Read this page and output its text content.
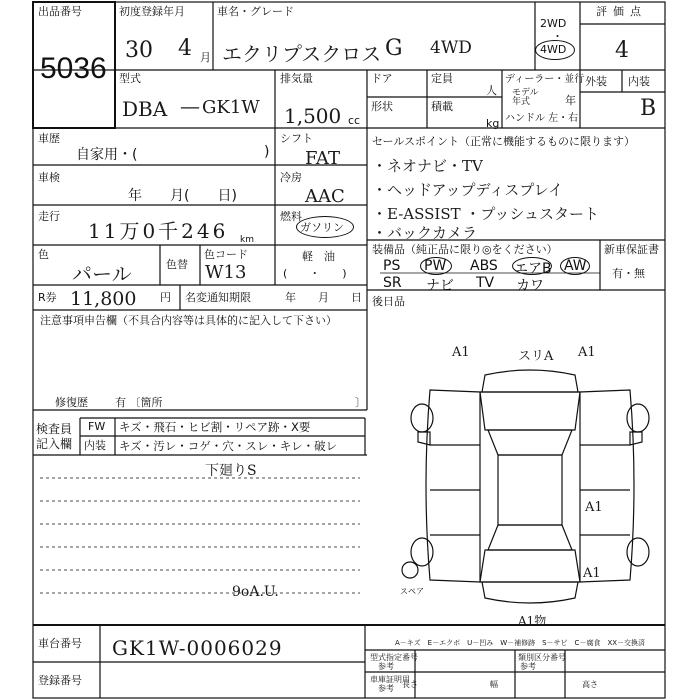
出品番号
5036
初度登録年月
30 4 月
車名・グレード
エクリプスクロス G 4WD
2WD
・
4WD
評価点
4
外装 内装
B
型式
DBA — GK1W
排気量
1,500 cc
ドア	定員
人
形状	積載
kg
ディーラー・並行
モデル
年式	年
ハンドル 左・右
車歴
自家用・(	)
車検
年　　月(　　日)
走行
11万0千246 km
色
パール	色替
色コード
W13
R券 11,800 円 名変通知期限	年　　月　　日
注意事項申告欄（不具合内容等は具体的に記入して下さい）
修復歴 有 〔箇所	〕
シフト
FAT
冷房
AAC
燃料
ガソリン
軽　油
(　　・　　)
セールスポイント（正常に機能するものに限ります）
・ネオナビ・TV
・ヘッドアップディスプレイ
・E-ASSIST ・プッシュスタート
・バックカメラ
装備品（純正品に限り◎をください）
PS PW ABS エアB AW
SR ナビ TV カワ
新車保証書
有・無
後日品
A1	スリA A1
A1
A1
A1物
スペア
A－キズ　E－エクボ　U－凹み　W－補修跡　S－サビ　C－腐食　XX－交換済
検査員
記入欄
FW キズ・飛石・ヒビ割・リペア跡・X要
内装 キズ・汚レ・コゲ・穴・スレ・キレ・破レ
下廻りS
9oA.U.
車台番号 GK1W-0006029
登録番号
型式指定番号
参考
類別区分番号
参考
車庫証明用
参考 長さ	幅	高さ
